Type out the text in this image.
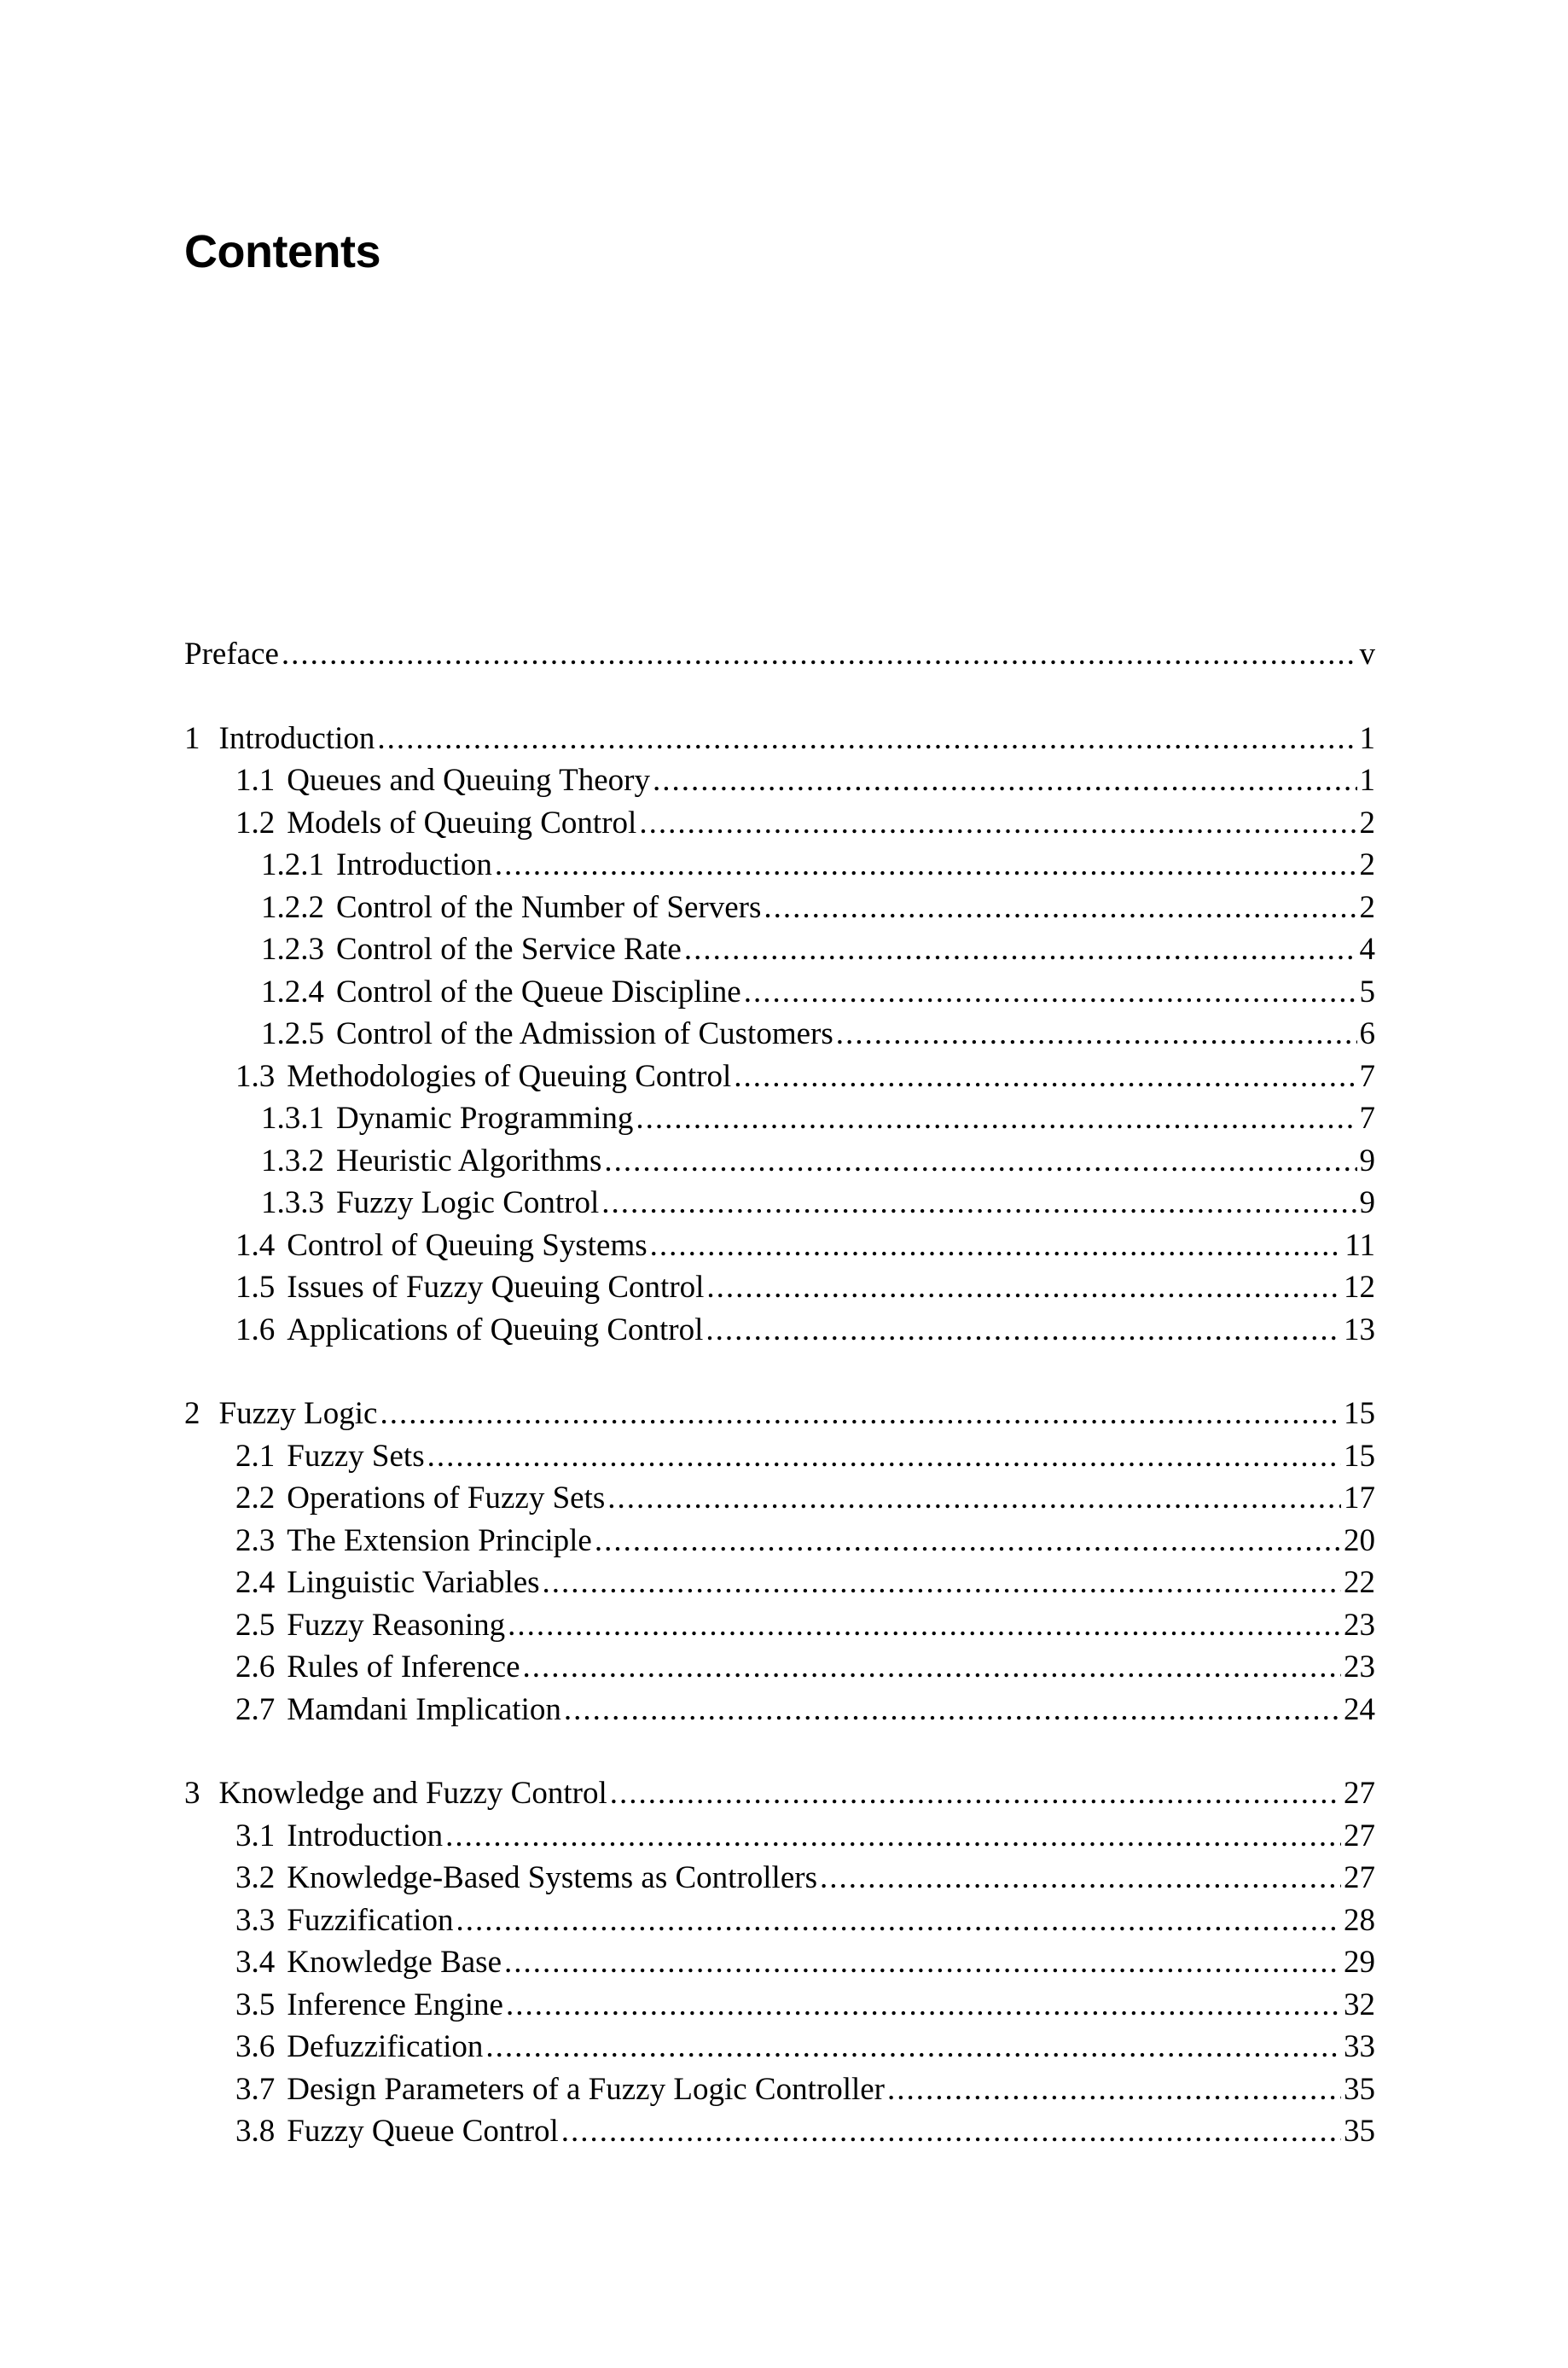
Contents
Preface .....	v
1 Introduction .....	1
1.1 Queues and Queuing Theory .....	1
1.2 Models of Queuing Control .....	2
1.2.1 Introduction .....	2
1.2.2 Control of the Number of Servers .....	2
1.2.3 Control of the Service Rate .....	4
1.2.4 Control of the Queue Discipline .....	5
1.2.5 Control of the Admission of Customers .....	6
1.3 Methodologies of Queuing Control .....	7
1.3.1 Dynamic Programming .....	7
1.3.2 Heuristic Algorithms .....	9
1.3.3 Fuzzy Logic Control .....	9
1.4 Control of Queuing Systems .....	11
1.5 Issues of Fuzzy Queuing Control .....	12
1.6 Applications of Queuing Control .....	13
2 Fuzzy Logic .....	15
2.1 Fuzzy Sets .....	15
2.2 Operations of Fuzzy Sets .....	17
2.3 The Extension Principle .....	20
2.4 Linguistic Variables .....	22
2.5 Fuzzy Reasoning .....	23
2.6 Rules of Inference .....	23
2.7 Mamdani Implication .....	24
3 Knowledge and Fuzzy Control .....	27
3.1 Introduction .....	27
3.2 Knowledge-Based Systems as Controllers .....	27
3.3 Fuzzification .....	28
3.4 Knowledge Base .....	29
3.5 Inference Engine .....	32
3.6 Defuzzification .....	33
3.7 Design Parameters of a Fuzzy Logic Controller .....	35
3.8 Fuzzy Queue Control .....	35
